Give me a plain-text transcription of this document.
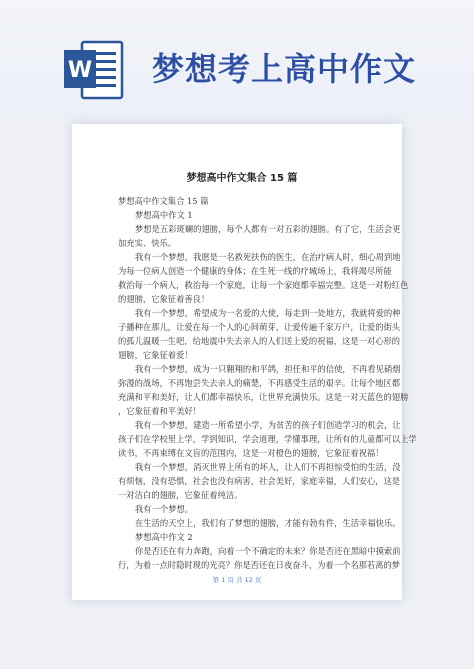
W 梦想考上高中作文
梦想高中作文集合 15 篇
梦想高中作文集合 15 篇
梦想高中作文 1
梦想是五彩斑斓的翅膀，每个人都有一对五彩的翅膀。有了它，生活会更
加充实、快乐。
我有一个梦想，我愿是一名救死扶伤的医生，在治疗病人时，细心周到地
为每一位病人创造一个健康的身体；在生死一线的疗城场上，我将竭尽所能
救治每一个病人，救治每一个家庭，让每一个家庭都幸福完整。这是一对粉红色
的翅膀，它象征着善良！
我有一个梦想，希望成为一名爱的大使，每走到一处地方，我就将爱的种
子播种在那儿，让爱在每一个人的心间萌芽，让爱传遍千家万户，让爱的街头
的孤儿温暖一生吧，给地震中失去亲人的人们送上爱的祝福，这是一对心形的
翅膀，它象征着爱！
我有一个梦想，成为一只翱翔的和平鸽，担任和平的信使，不再看见硝烟
弥漫的战场，不再饱尝失去亲人的痛楚，不再感受生活的艰辛。让每个地区都
充满和平和美好，让人们都幸福快乐，让世界充满快乐。这是一对天蓝色的翅膀
，它象征着和平美好！
我有一个梦想，建造一所希望小学，为贫苦的孩子们创造学习的机会，让
孩子们在学校里上学，学到知识，学会道理，学懂事理，让所有的儿童都可以上学
读书，不再束缚在文盲的范围内，这是一对橙色的翅膀，它象征着祝福！
我有一个梦想，消灭世界上所有的坏人，让人们不再担惊受怕的生活，没
有烦恼，没有恐惧，社会也没有病害，社会美好，家庭幸福，人们安心，这是
一对洁白的翅膀，它象征着纯洁。
我有一个梦想。
在生活的天空上，我们有了梦想的翅膀，才能有勃有件，生活幸福快乐。
梦想高中作文 2
你是否还在有力奔跑，向着一个不确定的未来？你是否还在黑暗中摸索前
行，为着一点时隐时现的光亮？你是否还在日夜奋斗，为着一个名那若离的梦
第 1 页 共 12 页
